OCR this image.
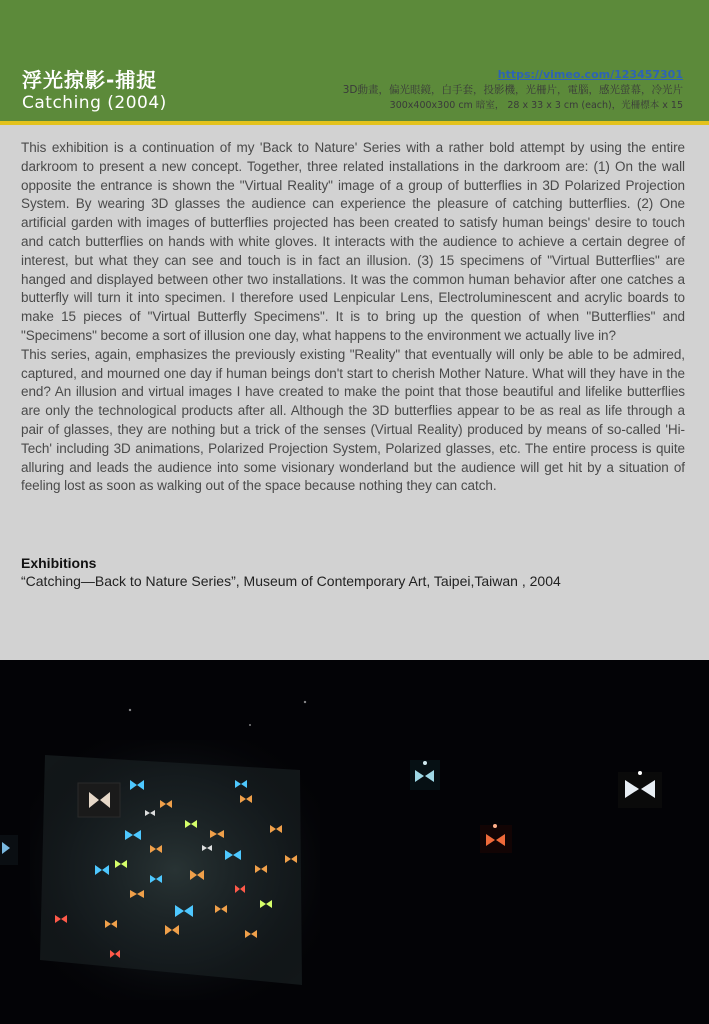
浮光掠影-捕捉
Catching (2004)
https://vimeo.com/123457301
3D動畫，偏光眼鏡，白手套，投影機，光柵片，電腦，感光螢幕，冷光片
300x400x300 cm 暗室， 28 x 33 x 3 cm (each)，光柵標本 x 15

This exhibition is a continuation of my 'Back to Nature' Series with a rather bold attempt by using the entire darkroom to present a new concept. Together, three related installations in the darkroom are: (1) On the wall opposite the entrance is shown the "Virtual Reality" image of a group of butterflies in 3D Polarized Projection System. By wearing 3D glasses the audience can experience the pleasure of catching butterflies. (2) One artificial garden with images of butterflies projected has been created to satisfy human beings' desire to touch and catch butterflies on hands with white gloves. It interacts with the audience to achieve a certain degree of interest, but what they can see and touch is in fact an illusion. (3) 15 specimens of "Virtual Butterflies" are hanged and displayed between other two installations. It was the common human behavior after one catches a butterfly will turn it into specimen. I therefore used Lenpicular Lens, Electroluminescent and acrylic boards to make 15 pieces of "Virtual Butterfly Specimens". It is to bring up the question of when "Butterflies" and "Specimens" become a sort of illusion one day, what happens to the environment we actually live in?

This series, again, emphasizes the previously existing "Reality" that eventually will only be able to be admired, captured, and mourned one day if human beings don't start to cherish Mother Nature. What will they have in the end? An illusion and virtual images I have created to make the point that those beautiful and lifelike butterflies are only the technological products after all. Although the 3D butterflies appear to be as real as life through a pair of glasses, they are nothing but a trick of the senses (Virtual Reality) produced by means of so-called 'Hi-Tech' including 3D animations, Polarized Projection System, Polarized glasses, etc. The entire process is quite alluring and leads the audience into some visionary wonderland but the audience will get hit by a situation of feeling lost as soon as walking out of the space because nothing they can catch.

Exhibitions
“Catching—Back to Nature Series”, Museum of Contemporary Art, Taipei,Taiwan , 2004
